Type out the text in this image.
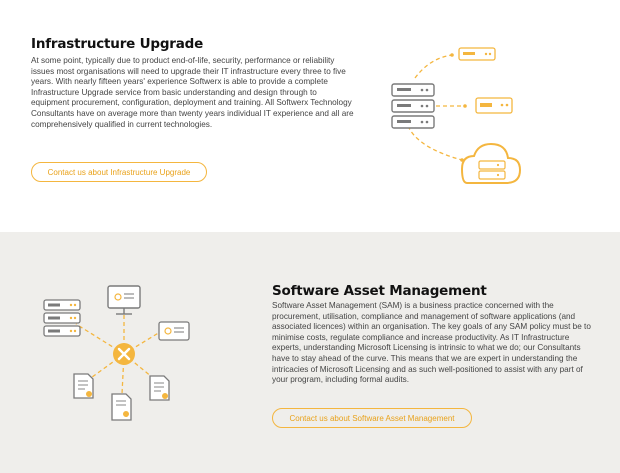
Infrastructure Upgrade

At some point, typically due to product end-of-life, security, performance or reliability issues most organisations will need to upgrade their IT infrastructure every three to five years. With nearly fifteen years' experience Softwerx is able to provide a complete Infrastructure Upgrade service from basic understanding and design through to equipment procurement, configuration, deployment and training. All Softwerx Technology Consultants have on average more than twenty years individual IT experience and all are comprehensively qualified in current technologies.

Contact us about Infrastructure Upgrade
Software Asset Management

Software Asset Management (SAM) is a business practice concerned with the procurement, utilisation, compliance and management of software applications (and associated licences) within an organisation. The key goals of any SAM policy must be to minimise costs, regulate compliance and increase productivity. As IT Infrastructure experts, understanding Microsoft Licensing is intrinsic to what we do; our Consultants have to stay ahead of the curve. This means that we are expert in understanding the intricacies of Microsoft Licensing and as such well-positioned to assist with any part of your program, including formal audits.

Contact us about Software Asset Management
